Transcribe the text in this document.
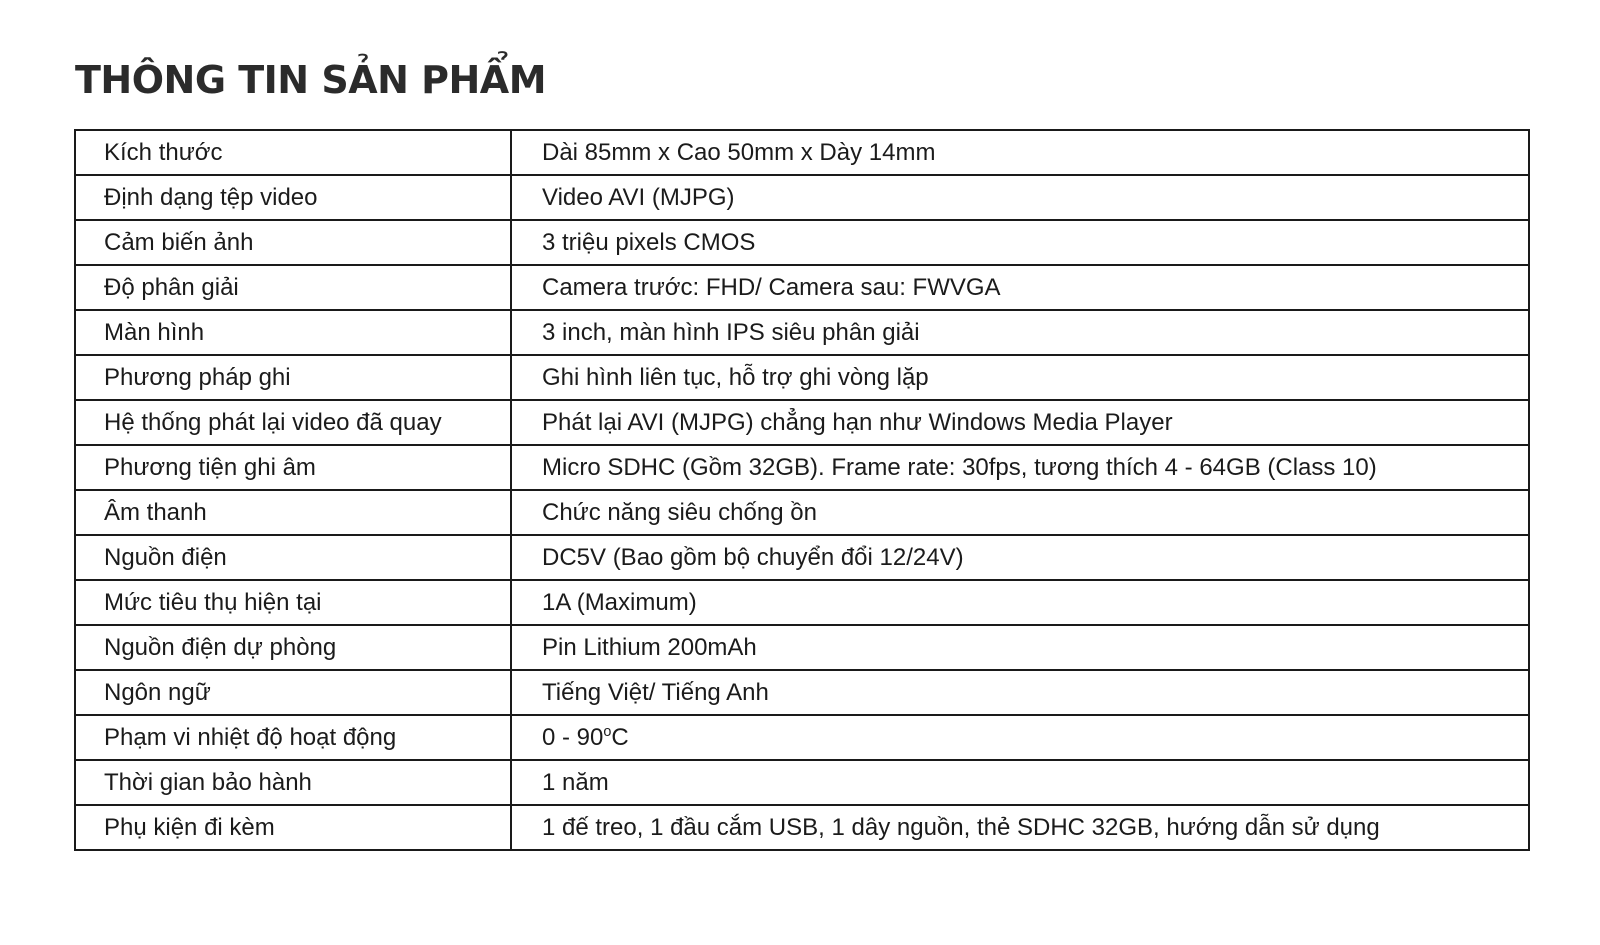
THÔNG TIN SẢN PHẨM
Kích thước	Dài 85mm x Cao 50mm x Dày 14mm
Định dạng tệp video	Video AVI (MJPG)
Cảm biến ảnh	3 triệu pixels CMOS
Độ phân giải	Camera trước: FHD/ Camera sau: FWVGA
Màn hình	3 inch, màn hình IPS siêu phân giải
Phương pháp ghi	Ghi hình liên tục, hỗ trợ ghi vòng lặp
Hệ thống phát lại video đã quay	Phát lại AVI (MJPG) chẳng hạn như Windows Media Player
Phương tiện ghi âm	Micro SDHC (Gồm 32GB). Frame rate: 30fps, tương thích 4 - 64GB (Class 10)
Âm thanh	Chức năng siêu chống ồn
Nguồn điện	DC5V (Bao gồm bộ chuyển đổi 12/24V)
Mức tiêu thụ hiện tại	1A (Maximum)
Nguồn điện dự phòng	Pin Lithium 200mAh
Ngôn ngữ	Tiếng Việt/ Tiếng Anh
Phạm vi nhiệt độ hoạt động	0 - 90$^o$C
Thời gian bảo hành	1 năm
Phụ kiện đi kèm	1 đế treo, 1 đầu cắm USB, 1 dây nguồn, thẻ SDHC 32GB, hướng dẫn sử dụng
